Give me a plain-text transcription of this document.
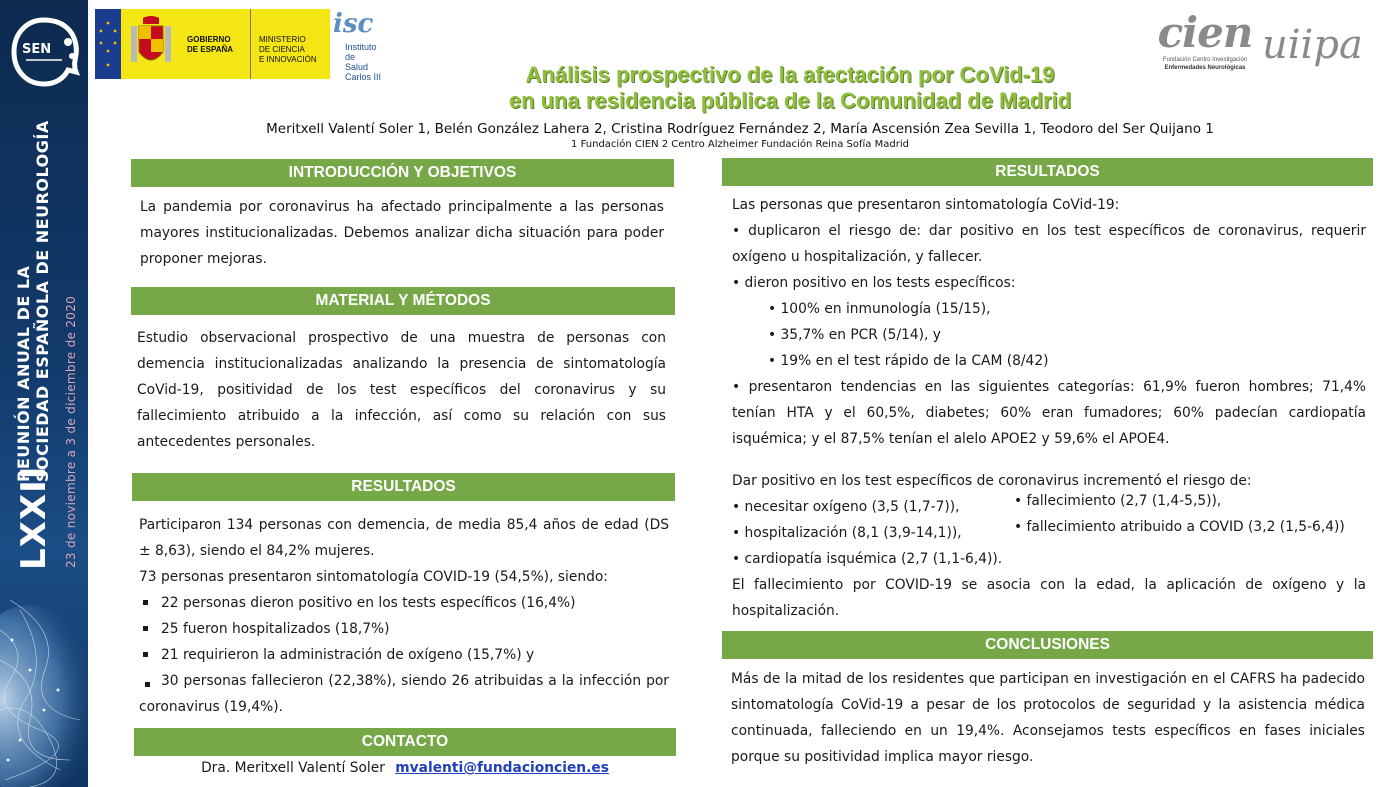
SEN
LXXII
REUNIÓN ANUAL DE LA SOCIEDAD ESPAÑOLA DE NEUROLOGÍA 23 de noviembre a 3 de diciembre de 2020
GOBIERNO
DE ESPAÑA
MINISTERIO
DE CIENCIA
E INNOVACIÓN
isc
Instituto
de
Salud
Carlos III
cien
Fundación Centro Investigación
Enfermedades Neurológicas uiipa
Análisis prospectivo de la afectación por CoVid-19
en una residencia pública de la Comunidad de Madrid
Meritxell Valentí Soler 1, Belén González Lahera 2, Cristina Rodríguez Fernández 2, María Ascensión Zea Sevilla 1, Teodoro del Ser Quijano 1
1 Fundación CIEN 2 Centro Alzheimer Fundación Reina Sofía Madrid
INTRODUCCIÓN Y OBJETIVOS
La pandemia por coronavirus ha afectado principalmente a las personas mayores institucionalizadas. Debemos analizar dicha situación para poder proponer mejoras.
MATERIAL Y MÉTODOS
Estudio observacional prospectivo de una muestra de personas con demencia institucionalizadas analizando la presencia de sintomatología CoVid-19, positividad de los test específicos del coronavirus y su fallecimiento atribuido a la infección, así como su relación con sus antecedentes personales.
RESULTADOS
Participaron 134 personas con demencia, de media 85,4 años de edad (DS ± 8,63), siendo el 84,2% mujeres.
73 personas presentaron sintomatología COVID-19 (54,5%), siendo:
22 personas dieron positivo en los tests específicos (16,4%)
25 fueron hospitalizados (18,7%)
21 requirieron la administración de oxígeno (15,7%) y
30 personas fallecieron (22,38%), siendo 26 atribuidas a la infección por coronavirus (19,4%).
CONTACTO
Dra. Meritxell Valentí Soler mvalenti@fundacioncien.es
RESULTADOS
Las personas que presentaron sintomatología CoVid-19:
• duplicaron el riesgo de: dar positivo en los test específicos de coronavirus, requerir oxígeno u hospitalización, y fallecer.
• dieron positivo en los tests específicos:
• 100% en inmunología (15/15),
• 35,7% en PCR (5/14), y
• 19% en el test rápido de la CAM (8/42)
• presentaron tendencias en las siguientes categorías: 61,9% fueron hombres; 71,4% tenían HTA y el 60,5%, diabetes; 60% eran fumadores; 60% padecían cardiopatía isquémica; y el 87,5% tenían el alelo APOE2 y 59,6% el APOE4.
Dar positivo en los test específicos de coronavirus incrementó el riesgo de:
• necesitar oxígeno (3,5 (1,7-7)),
• hospitalización (8,1 (3,9-14,1)),
• cardiopatía isquémica (2,7 (1,1-6,4)).
• fallecimiento (2,7 (1,4-5,5)),
• fallecimiento atribuido a COVID (3,2 (1,5-6,4))
El fallecimiento por COVID-19 se asocia con la edad, la aplicación de oxígeno y la hospitalización.
CONCLUSIONES
Más de la mitad de los residentes que participan en investigación en el CAFRS ha padecido sintomatología CoVid-19 a pesar de los protocolos de seguridad y la asistencia médica continuada, falleciendo en un 19,4%. Aconsejamos tests específicos en fases iniciales porque su positividad implica mayor riesgo.
